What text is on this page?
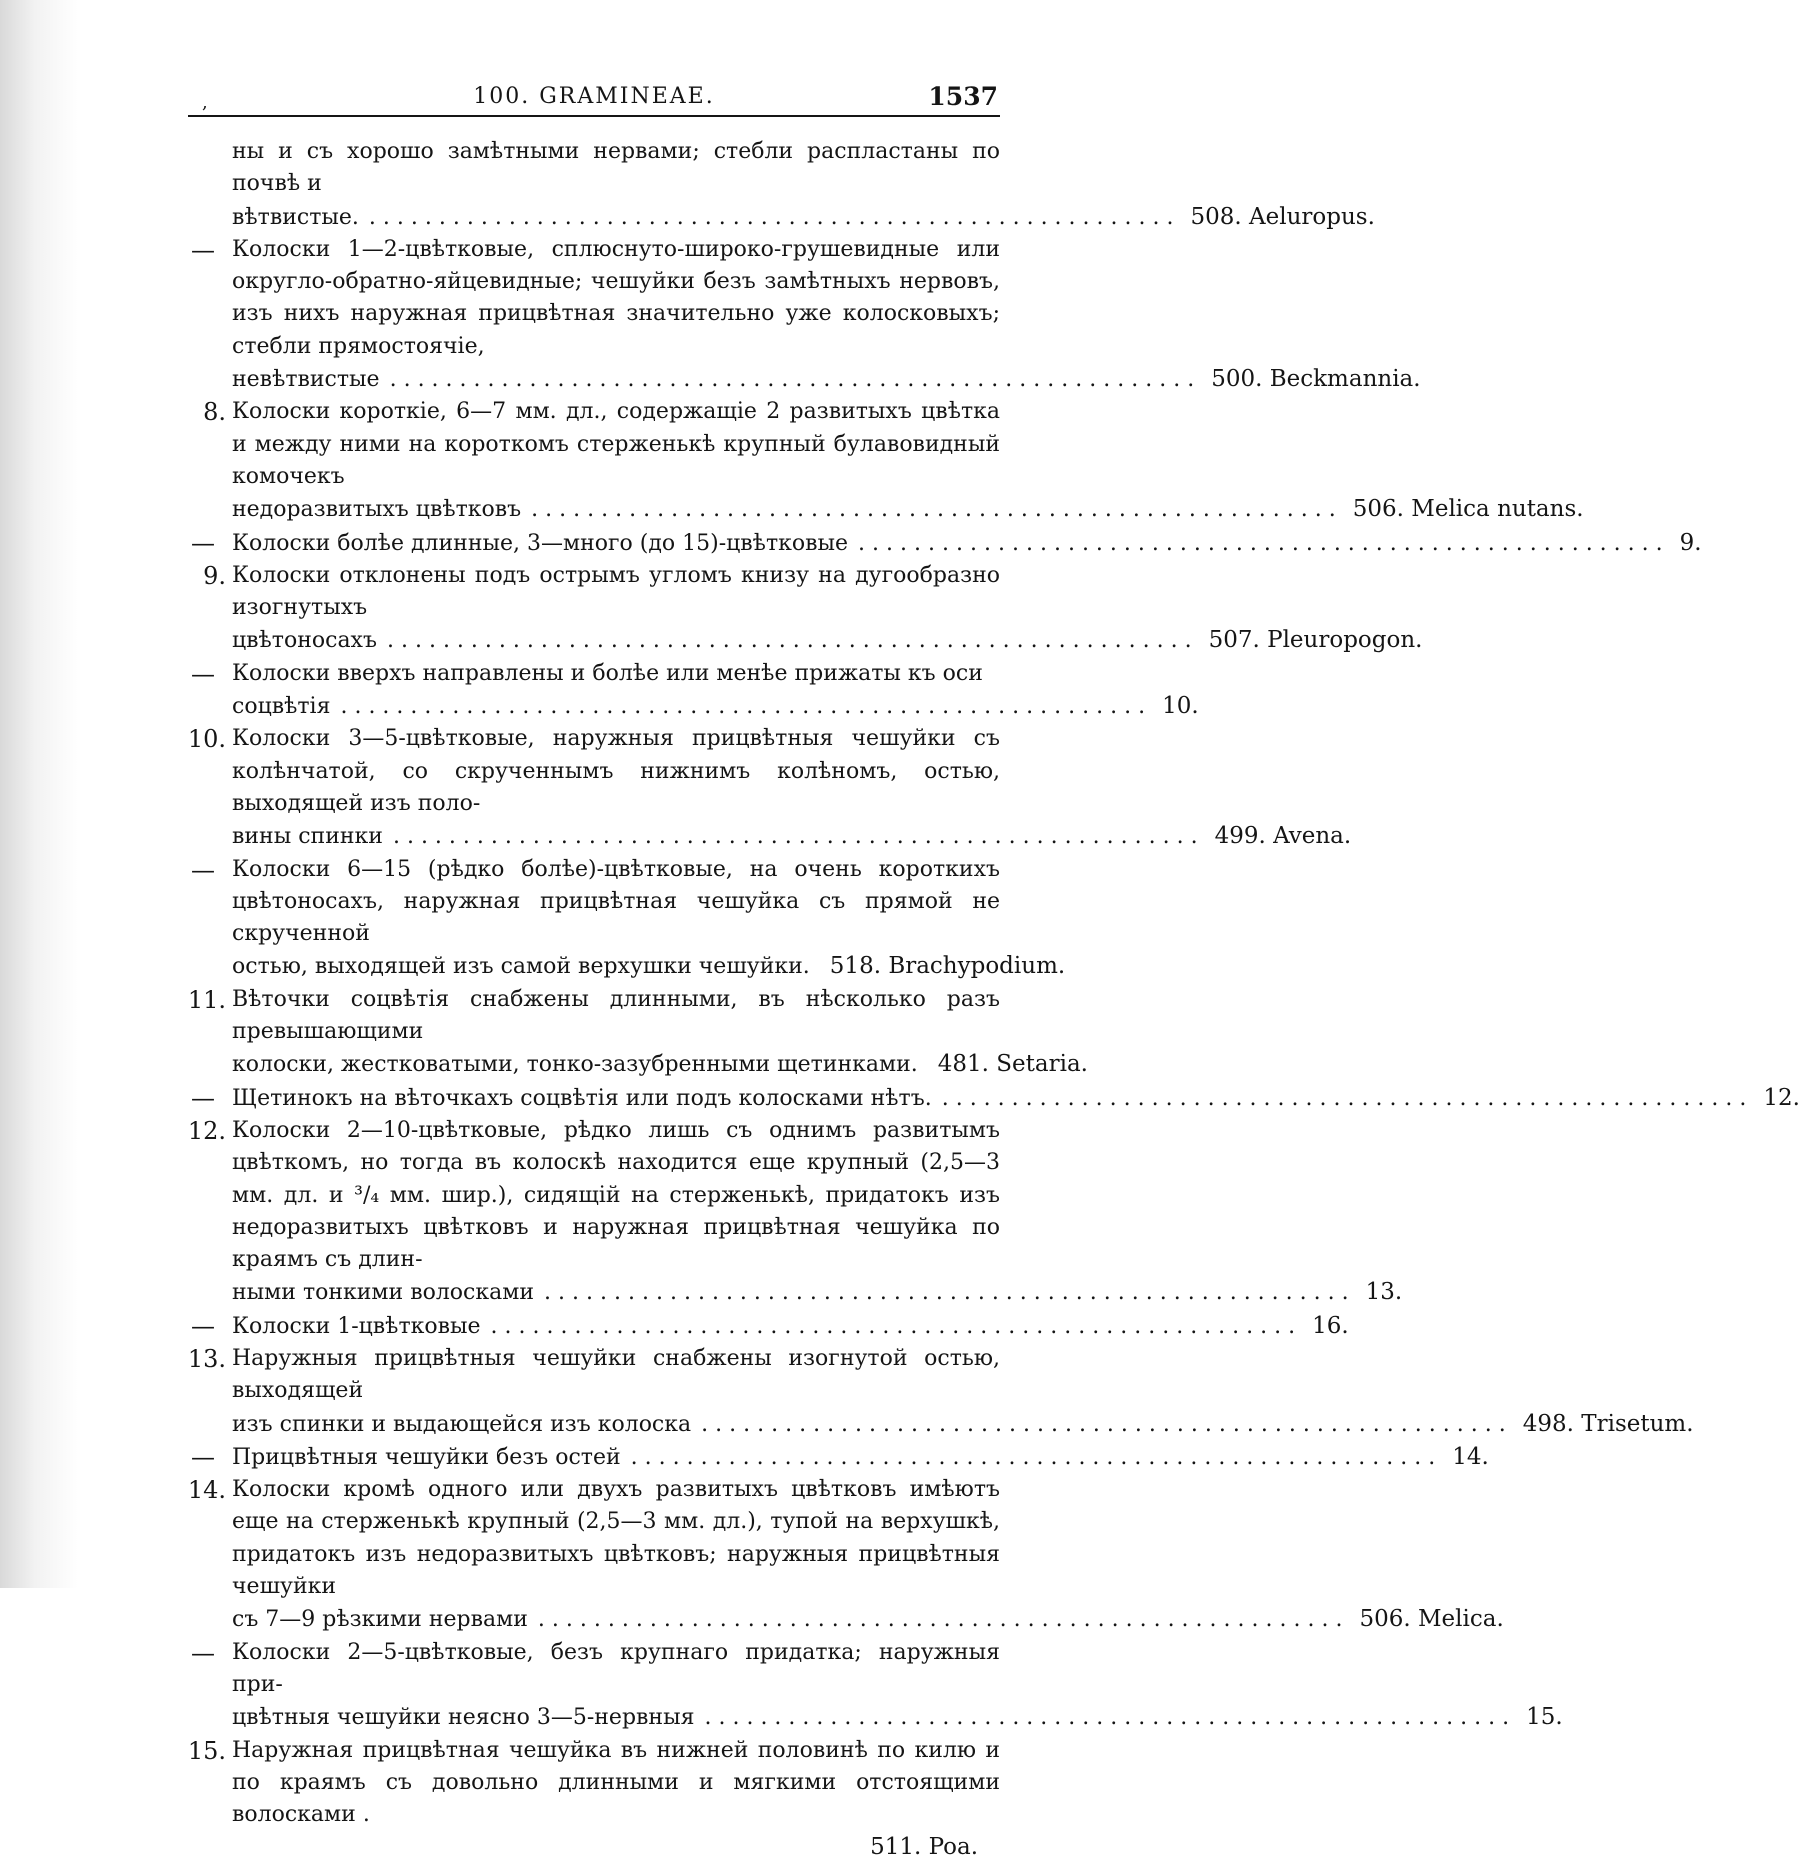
,	100. GRAMINEAE.	1537
ны и съ хорошо замѣтными нервами; стебли распластаны по почвѣ и
вѣтвистые. .......................................................... 508. Aeluropus.
— Колоски 1—2-цвѣтковые, сплюснуто-широко-грушевидные или округло-обратно-яйцевидные; чешуйки безъ замѣтныхъ нервовъ, изъ нихъ наружная прицвѣтная значительно уже колосковыхъ; стебли прямостоячіе,
невѣтвистые .......................................................... 500. Beckmannia.
8. Колоски короткіе, 6—7 мм. дл., содержащіе 2 развитыхъ цвѣтка и между ними на короткомъ стерженькѣ крупный булавовидный комочекъ
недоразвитыхъ цвѣтковъ .......................................................... 506. Melica nutans.
— Колоски болѣе длинные, 3—много (до 15)-цвѣтковые .......................................................... 9.
9. Колоски отклонены подъ острымъ угломъ книзу на дугообразно изогнутыхъ
цвѣтоносахъ .......................................................... 507. Pleuropogon.
— Колоски вверхъ направлены и болѣе или менѣе прижаты къ оси
соцвѣтія .......................................................... 10.
10. Колоски 3—5-цвѣтковые, наружныя прицвѣтныя чешуйки съ колѣнчатой, со скрученнымъ нижнимъ колѣномъ, остью, выходящей изъ поло-
вины спинки .......................................................... 499. Avena.
— Колоски 6—15 (рѣдко болѣе)-цвѣтковые, на очень короткихъ цвѣтоносахъ, наружная прицвѣтная чешуйка съ прямой не скрученной
остью, выходящей изъ самой верхушки чешуйки. 518. Brachypodium.
11. Вѣточки соцвѣтія снабжены длинными, въ нѣсколько разъ превышающими
колоски, жестковатыми, тонко-зазубренными щетинками. 481. Setaria.
— Щетинокъ на вѣточкахъ соцвѣтія или подъ колосками нѣтъ. .......................................................... 12.
12. Колоски 2—10-цвѣтковые, рѣдко лишь съ однимъ развитымъ цвѣткомъ, но тогда въ колоскѣ находится еще крупный (2,5—3 мм. дл. и ³/₄ мм. шир.), сидящій на стерженькѣ, придатокъ изъ недоразвитыхъ цвѣтковъ и наружная прицвѣтная чешуйка по краямъ съ длин-
ными тонкими волосками .......................................................... 13.
— Колоски 1-цвѣтковые .......................................................... 16.
13. Наружныя прицвѣтныя чешуйки снабжены изогнутой остью, выходящей
изъ спинки и выдающейся изъ колоска .......................................................... 498. Trisetum.
— Прицвѣтныя чешуйки безъ остей .......................................................... 14.
14. Колоски кромѣ одного или двухъ развитыхъ цвѣтковъ имѣютъ еще на стерженькѣ крупный (2,5—3 мм. дл.), тупой на верхушкѣ, придатокъ изъ недоразвитыхъ цвѣтковъ; наружныя прицвѣтныя чешуйки
съ 7—9 рѣзкими нервами .......................................................... 506. Melica.
— Колоски 2—5-цвѣтковые, безъ крупнаго придатка; наружныя при-
цвѣтныя чешуйки неясно 3—5-нервныя .......................................................... 15.
15. Наружная прицвѣтная чешуйка въ нижней половинѣ по килю и по краямъ съ довольно длинными и мягкими отстоящими волосками .
511. Poa.
